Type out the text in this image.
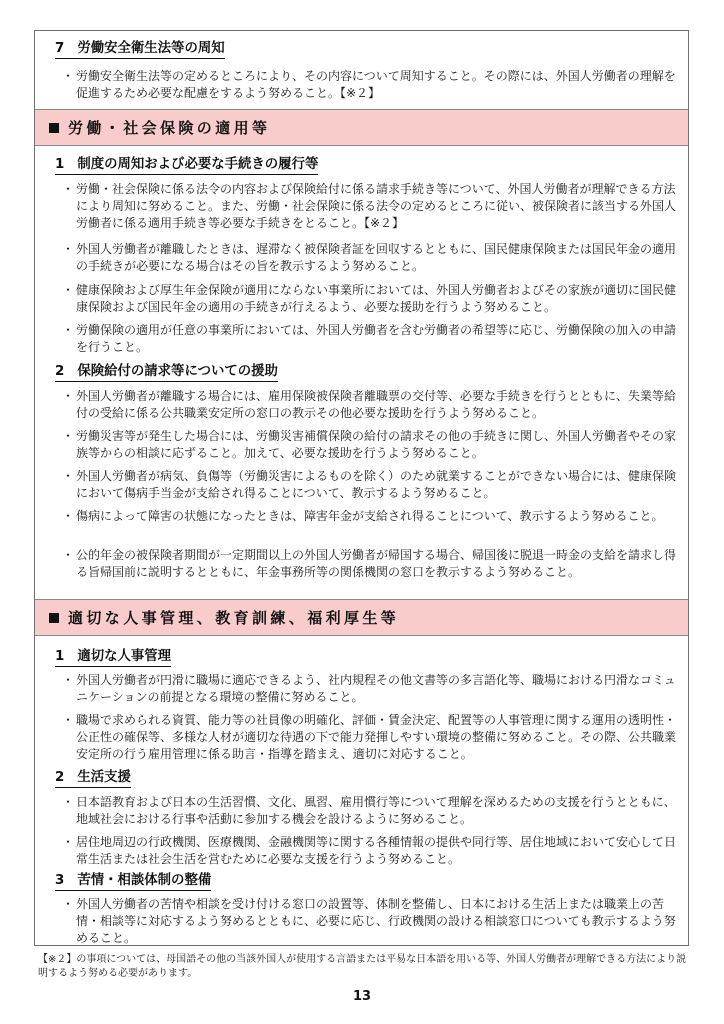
7 労働安全衛生法等の周知
・ 労働安全衛生法等の定めるところにより、その内容について周知すること。その際には、外国人労働者の理解を促進するため必要な配慮をするよう努めること。【※２】
労働・社会保険の適用等
1 制度の周知および必要な手続きの履行等
・ 労働・社会保険に係る法令の内容および保険給付に係る請求手続き等について、外国人労働者が理解できる方法により周知に努めること。また、労働・社会保険に係る法令の定めるところに従い、被保険者に該当する外国人労働者に係る適用手続き等必要な手続きをとること。【※２】
・ 外国人労働者が離職したときは、遅滞なく被保険者証を回収するとともに、国民健康保険または国民年金の適用の手続きが必要になる場合はその旨を教示するよう努めること。
・ 健康保険および厚生年金保険が適用にならない事業所においては、外国人労働者およびその家族が適切に国民健康保険および国民年金の適用の手続きが行えるよう、必要な援助を行うよう努めること。
・ 労働保険の適用が任意の事業所においては、外国人労働者を含む労働者の希望等に応じ、労働保険の加入の申請を行うこと。
2 保険給付の請求等についての援助
・ 外国人労働者が離職する場合には、雇用保険被保険者離職票の交付等、必要な手続きを行うとともに、失業等給付の受給に係る公共職業安定所の窓口の教示その他必要な援助を行うよう努めること。
・ 労働災害等が発生した場合には、労働災害補償保険の給付の請求その他の手続きに関し、外国人労働者やその家族等からの相談に応ずること。加えて、必要な援助を行うよう努めること。
・ 外国人労働者が病気、負傷等（労働災害によるものを除く）のため就業することができない場合には、健康保険において傷病手当金が支給され得ることについて、教示するよう努めること。
・ 傷病によって障害の状態になったときは、障害年金が支給され得ることについて、教示するよう努めること。
・ 公的年金の被保険者期間が一定期間以上の外国人労働者が帰国する場合、帰国後に脱退一時金の支給を請求し得る旨帰国前に説明するとともに、年金事務所等の関係機関の窓口を教示するよう努めること。
適切な人事管理、教育訓練、福利厚生等
1 適切な人事管理
・ 外国人労働者が円滑に職場に適応できるよう、社内規程その他文書等の多言語化等、職場における円滑なコミュニケーションの前提となる環境の整備に努めること。
・ 職場で求められる資質、能力等の社員像の明確化、評価・賃金決定、配置等の人事管理に関する運用の透明性・公正性の確保等、多様な人材が適切な待遇の下で能力発揮しやすい環境の整備に努めること。その際、公共職業安定所の行う雇用管理に係る助言・指導を踏まえ、適切に対応すること。
2 生活支援
・ 日本語教育および日本の生活習慣、文化、風習、雇用慣行等について理解を深めるための支援を行うとともに、地域社会における行事や活動に参加する機会を設けるように努めること。
・ 居住地周辺の行政機関、医療機関、金融機関等に関する各種情報の提供や同行等、居住地域において安心して日常生活または社会生活を営むために必要な支援を行うよう努めること。
3 苦情・相談体制の整備
・ 外国人労働者の苦情や相談を受け付ける窓口の設置等、体制を整備し、日本における生活上または職業上の苦情・相談等に対応するよう努めるとともに、必要に応じ、行政機関の設ける相談窓口についても教示するよう努めること。
【※２】の事項については、母国語その他の当該外国人が使用する言語または平易な日本語を用いる等、外国人労働者が理解できる方法により説明するよう努める必要があります。
13
